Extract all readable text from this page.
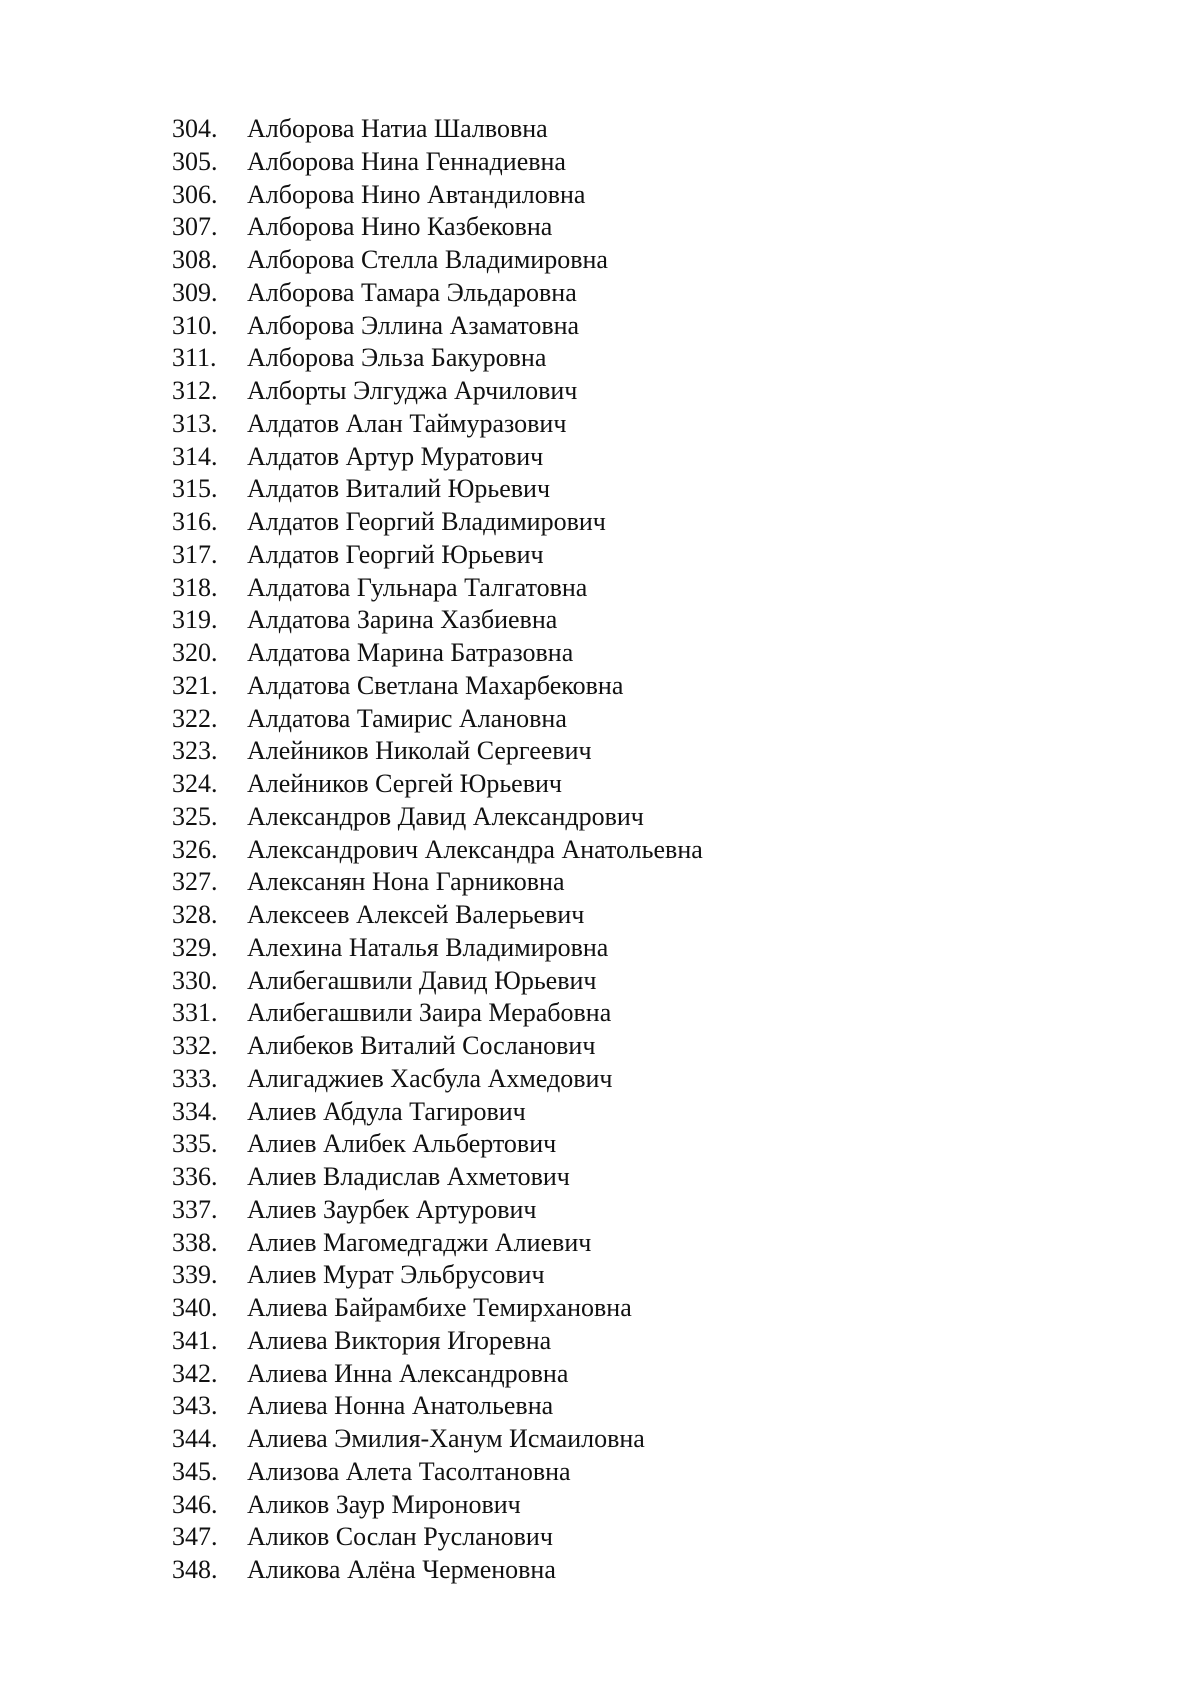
304.	Алборова Натиа Шалвовна
305.	Алборова Нина Геннадиевна
306.	Алборова Нино Автандиловна
307.	Алборова Нино Казбековна
308.	Алборова Стелла Владимировна
309.	Алборова Тамара Эльдаровна
310.	Алборова Эллина Азаматовна
311.	Алборова Эльза Бакуровна
312.	Алборты Элгуджа Арчилович
313.	Алдатов Алан Таймуразович
314.	Алдатов Артур Муратович
315.	Алдатов Виталий Юрьевич
316.	Алдатов Георгий Владимирович
317.	Алдатов Георгий Юрьевич
318.	Алдатова Гульнара Талгатовна
319.	Алдатова Зарина Хазбиевна
320.	Алдатова Марина Батразовна
321.	Алдатова Светлана Махарбековна
322.	Алдатова Тамирис Алановна
323.	Алейников Николай Сергеевич
324.	Алейников Сергей Юрьевич
325.	Александров Давид Александрович
326.	Александрович Александра Анатольевна
327.	Алексанян Нона Гарниковна
328.	Алексеев Алексей Валерьевич
329.	Алехина Наталья Владимировна
330.	Алибегашвили Давид Юрьевич
331.	Алибегашвили Заира Мерабовна
332.	Алибеков Виталий Сосланович
333.	Алигаджиев Хасбула Ахмедович
334.	Алиев Абдула Тагирович
335.	Алиев Алибек Альбертович
336.	Алиев Владислав Ахметович
337.	Алиев Заурбек Артурович
338.	Алиев Магомедгаджи Алиевич
339.	Алиев Мурат Эльбрусович
340.	Алиева Байрамбихе Темирхановна
341.	Алиева Виктория Игоревна
342.	Алиева Инна Александровна
343.	Алиева Нонна Анатольевна
344.	Алиева Эмилия-Ханум Исмаиловна
345.	Ализова Алета Тасолтановна
346.	Аликов Заур Миронович
347.	Аликов Сослан Русланович
348.	Аликова Алёна Черменовна
